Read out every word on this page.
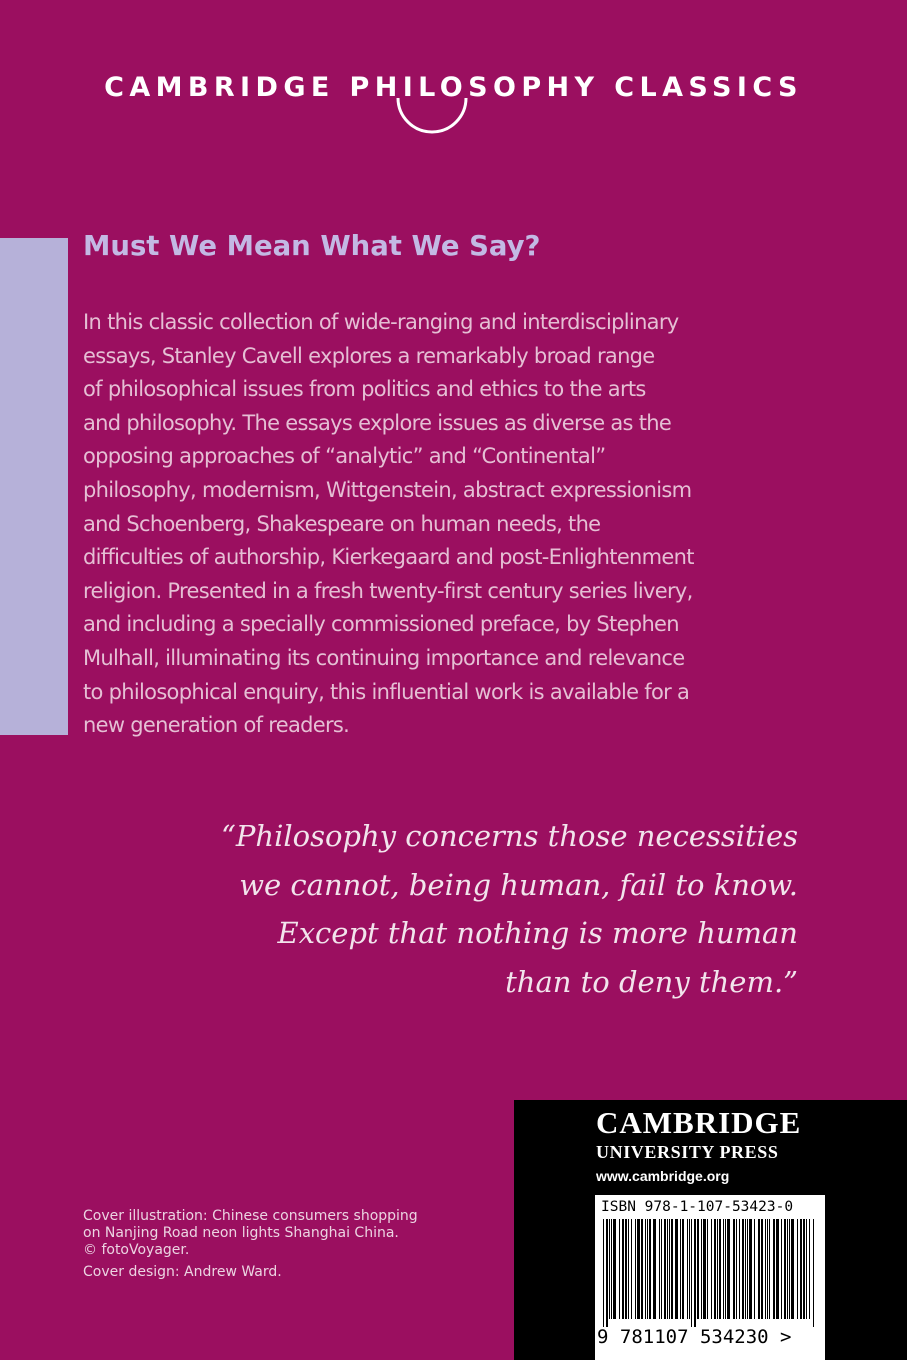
CAMBRIDGE PHILOSOPHY CLASSICS
Must We Mean What We Say?
In this classic collection of wide-ranging and interdisciplinary
essays, Stanley Cavell explores a remarkably broad range
of philosophical issues from politics and ethics to the arts
and philosophy. The essays explore issues as diverse as the
opposing approaches of “analytic” and “Continental”
philosophy, modernism, Wittgenstein, abstract expressionism
and Schoenberg, Shakespeare on human needs, the
difficulties of authorship, Kierkegaard and post-Enlightenment
religion. Presented in a fresh twenty-first century series livery,
and including a specially commissioned preface, by Stephen
Mulhall, illuminating its continuing importance and relevance
to philosophical enquiry, this influential work is available for a
new generation of readers.
“Philosophy concerns those necessities
we cannot, being human, fail to know.
Except that nothing is more human
than to deny them.”
Cover illustration: Chinese consumers shopping
on Nanjing Road neon lights Shanghai China.
© fotoVoyager.
Cover design: Andrew Ward.
CAMBRIDGE
UNIVERSITY PRESS
www.cambridge.org
ISBN 978-1-107-53423-0
9 781107 534230 >
